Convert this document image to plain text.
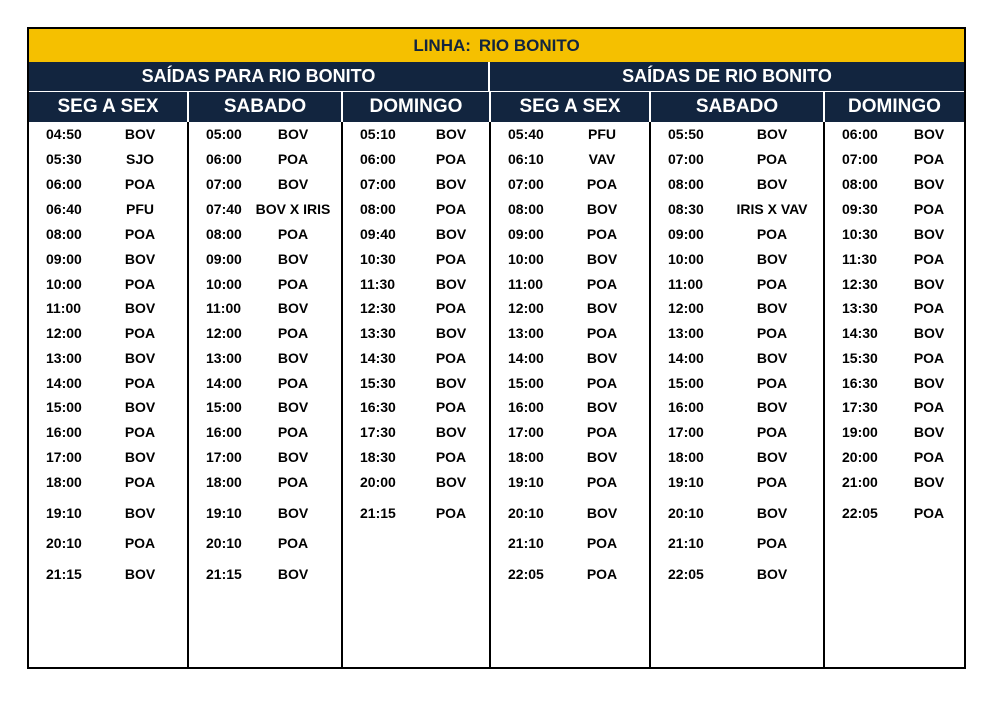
LINHA: RIO BONITO
SAÍDAS PARA RIO BONITO	SAÍDAS DE RIO BONITO
SEG A SEX	SABADO	DOMINGO	SEG A SEX	SABADO	DOMINGO
04:50	BOV
05:30	SJO
06:00	POA
06:40	PFU
08:00	POA
09:00	BOV
10:00	POA
11:00	BOV
12:00	POA
13:00	BOV
14:00	POA
15:00	BOV
16:00	POA
17:00	BOV
18:00	POA
19:10	BOV
20:10	POA
21:15	BOV
05:00	BOV
06:00	POA
07:00	BOV
07:40 BOV X IRIS
08:00	POA
09:00	BOV
10:00	POA
11:00	BOV
12:00	POA
13:00	BOV
14:00	POA
15:00	BOV
16:00	POA
17:00	BOV
18:00	POA
19:10	BOV
20:10	POA
21:15	BOV
05:10	BOV
06:00	POA
07:00	BOV
08:00	POA
09:40	BOV
10:30	POA
11:30	BOV
12:30	POA
13:30	BOV
14:30	POA
15:30	BOV
16:30	POA
17:30	BOV
18:30	POA
20:00	BOV
21:15	POA
05:40	PFU
06:10	VAV
07:00	POA
08:00	BOV
09:00	POA
10:00	BOV
11:00	POA
12:00	BOV
13:00	POA
14:00	BOV
15:00	POA
16:00	BOV
17:00	POA
18:00	BOV
19:10	POA
20:10	BOV
21:10	POA
22:05	POA
05:50	BOV
07:00	POA
08:00	BOV
08:30 IRIS X VAV
09:00	POA
10:00	BOV
11:00	POA
12:00	BOV
13:00	POA
14:00	BOV
15:00	POA
16:00	BOV
17:00	POA
18:00	BOV
19:10	POA
20:10	BOV
21:10	POA
22:05	BOV
06:00	BOV
07:00	POA
08:00	BOV
09:30	POA
10:30	BOV
11:30	POA
12:30	BOV
13:30	POA
14:30	BOV
15:30	POA
16:30	BOV
17:30	POA
19:00	BOV
20:00	POA
21:00	BOV
22:05	POA
